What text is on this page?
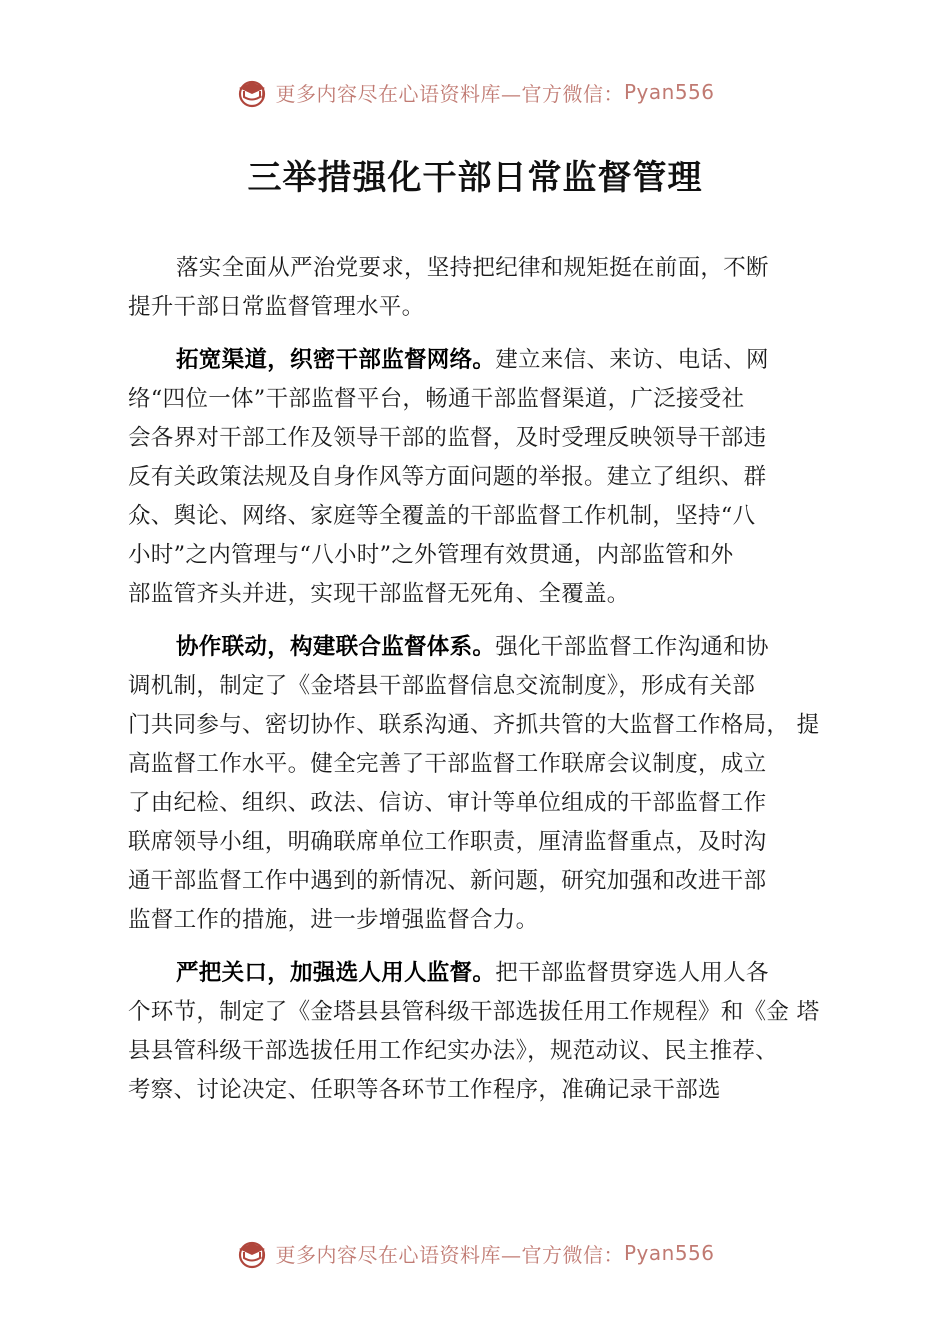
更多内容尽在心语资料库—官方微信： Pyan556
三举措强化干部日常监督管理

落实全面从严治党要求，坚持把纪律和规矩挺在前面，不断

提升干部日常监督管理水平。

拓宽渠道，织密干部监督网络。建立来信、来访、电话、网

络“四位一体”干部监督平台，畅通干部监督渠道，广泛接受社

会各界对干部工作及领导干部的监督，及时受理反映领导干部违

反有关政策法规及自身作风等方面问题的举报。建立了组织、群

众、舆论、网络、家庭等全覆盖的干部监督工作机制，坚持“八

小时”之内管理与“八小时”之外管理有效贯通，内部监管和外

部监管齐头并进，实现干部监督无死角、全覆盖。

协作联动，构建联合监督体系。强化干部监督工作沟通和协

调机制，制定了《金塔县干部监督信息交流制度》，形成有关部

门共同参与、密切协作、联系沟通、齐抓共管的大监督工作格局， 提

高监督工作水平。健全完善了干部监督工作联席会议制度，成立

了由纪检、组织、政法、信访、审计等单位组成的干部监督工作

联席领导小组，明确联席单位工作职责，厘清监督重点，及时沟

通干部监督工作中遇到的新情况、新问题，研究加强和改进干部

监督工作的措施，进一步增强监督合力。

严把关口，加强选人用人监督。把干部监督贯穿选人用人各

个环节，制定了《金塔县县管科级干部选拔任用工作规程》和《金 塔

县县管科级干部选拔任用工作纪实办法》，规范动议、民主推荐、

考察、讨论决定、任职等各环节工作程序，准确记录干部选

更多内容尽在心语资料库—官方微信： Pyan556
